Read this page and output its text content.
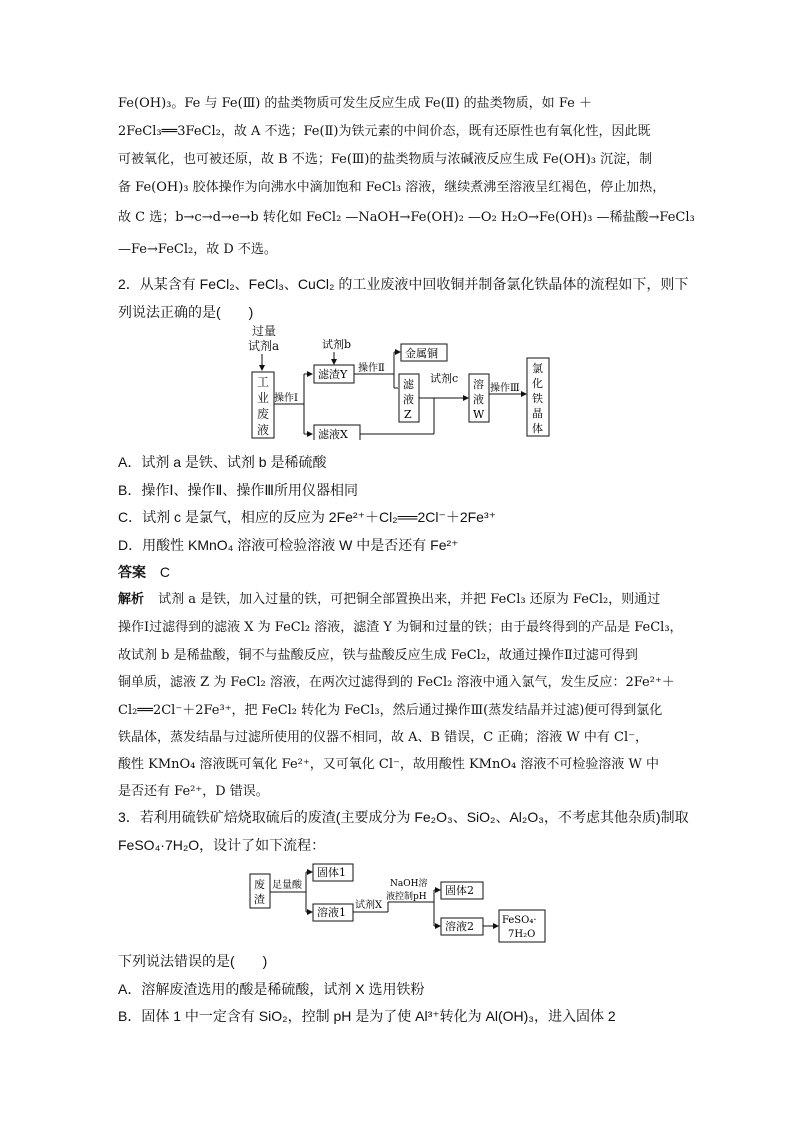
Fe(OH)₃。Fe 与 Fe(Ⅲ) 的盐类物质可发生反应生成 Fe(Ⅱ) 的盐类物质，如 Fe ＋
2FeCl₃══3FeCl₂，故 A 不选；Fe(Ⅱ)为铁元素的中间价态，既有还原性也有氧化性，因此既
可被氧化，也可被还原，故 B 不选；Fe(Ⅲ)的盐类物质与浓碱液反应生成 Fe(OH)₃ 沉淀，制
备 Fe(OH)₃ 胶体操作为向沸水中滴加饱和 FeCl₃ 溶液，继续煮沸至溶液呈红褐色，停止加热，
故 C 选；b→c→d→e→b 转化如 FeCl₂ —NaOH→Fe(OH)₂ —O₂ H₂O→Fe(OH)₃ —稀盐酸→FeCl₃
—Fe→FeCl₂，故 D 不选。
2．从某含有 FeCl₂、FeCl₃、CuCl₂ 的工业废液中回收铜并制备氯化铁晶体的流程如下，则下
列说法正确的是(　　)
过量
试剂a
工
业
废
液
操作Ⅰ
试剂b
滤渣Y
滤液X
操作Ⅱ
金属铜
滤
液
Z
试剂c 溶
液
W
操作Ⅲ
氯
化
铁
晶
体
A．试剂 a 是铁、试剂 b 是稀硫酸
B．操作Ⅰ、操作Ⅱ、操作Ⅲ所用仪器相同
C．试剂 c 是氯气，相应的反应为 2Fe²⁺＋Cl₂══2Cl⁻＋2Fe³⁺
D．用酸性 KMnO₄ 溶液可检验溶液 W 中是否还有 Fe²⁺
答案 C
解析 试剂 a 是铁，加入过量的铁，可把铜全部置换出来，并把 FeCl₃ 还原为 FeCl₂，则通过
操作Ⅰ过滤得到的滤液 X 为 FeCl₂ 溶液，滤渣 Y 为铜和过量的铁；由于最终得到的产品是 FeCl₃，
故试剂 b 是稀盐酸，铜不与盐酸反应，铁与盐酸反应生成 FeCl₂，故通过操作Ⅱ过滤可得到
铜单质，滤液 Z 为 FeCl₂ 溶液，在两次过滤得到的 FeCl₂ 溶液中通入氯气，发生反应：2Fe²⁺＋
Cl₂══2Cl⁻＋2Fe³⁺，把 FeCl₂ 转化为 FeCl₃，然后通过操作Ⅲ(蒸发结晶并过滤)便可得到氯化
铁晶体，蒸发结晶与过滤所使用的仪器不相同，故 A、B 错误，C 正确；溶液 W 中有 Cl⁻，
酸性 KMnO₄ 溶液既可氧化 Fe²⁺，又可氧化 Cl⁻，故用酸性 KMnO₄ 溶液不可检验溶液 W 中
是否还有 Fe²⁺，D 错误。
3．若利用硫铁矿焙烧取硫后的废渣(主要成分为 Fe₂O₃、SiO₂、Al₂O₃，不考虑其他杂质)制取
FeSO₄·7H₂O，设计了如下流程：
废
渣
足量酸
固体1
溶液1
试剂X
NaOH溶
液控制pH 固体2
溶液2	FeSO₄·
7H₂O
下列说法错误的是(　　)
A．溶解废渣选用的酸是稀硫酸，试剂 X 选用铁粉
B．固体 1 中一定含有 SiO₂，控制 pH 是为了使 Al³⁺转化为 Al(OH)₃，进入固体 2
